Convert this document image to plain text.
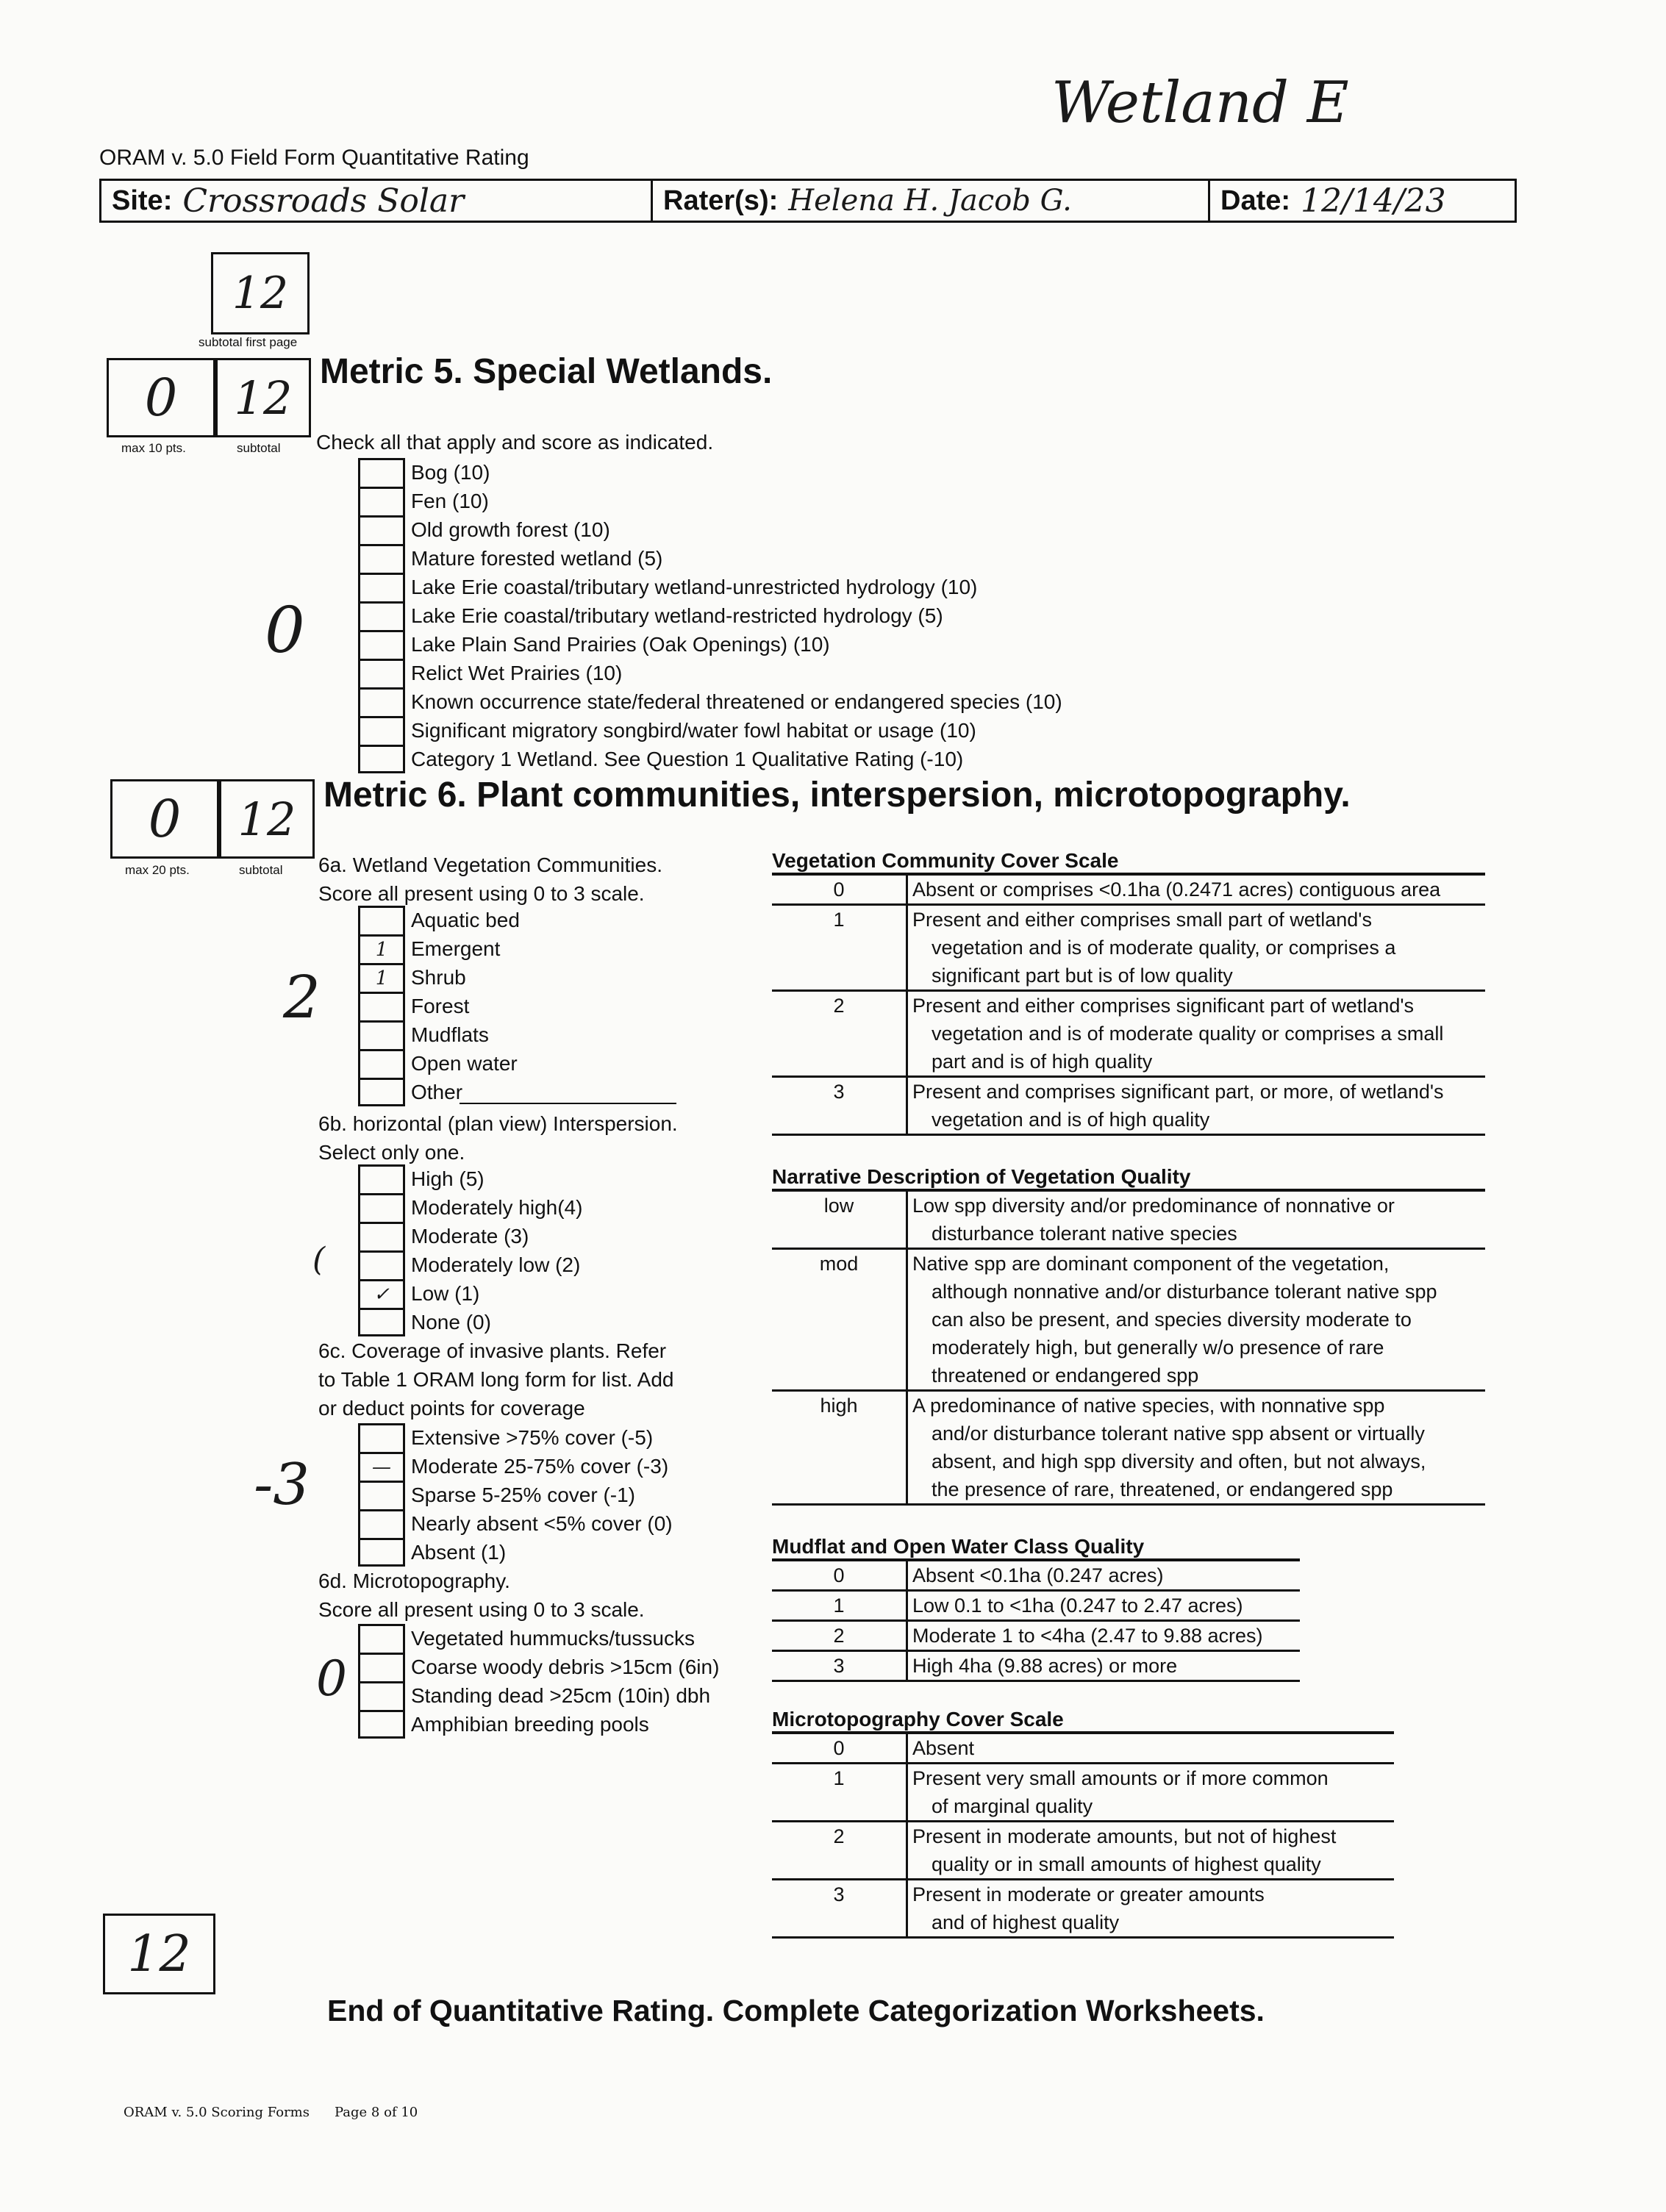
Wetland E
ORAM v. 5.0 Field Form Quantitative Rating
Site: Crossroads Solar	Rater(s): Helena H. Jacob G.	Date: 12/14/23
12
subtotal first page
0	12
max 10 pts.	subtotal
Metric 5. Special Wetlands.
Check all that apply and score as indicated.
0
Bog (10)
Fen (10)
Old growth forest (10)
Mature forested wetland (5)
Lake Erie coastal/tributary wetland-unrestricted hydrology (10)
Lake Erie coastal/tributary wetland-restricted hydrology (5)
Lake Plain Sand Prairies (Oak Openings) (10)
Relict Wet Prairies (10)
Known occurrence state/federal threatened or endangered species (10)
Significant migratory songbird/water fowl habitat or usage (10)
Category 1 Wetland. See Question 1 Qualitative Rating (-10)
0	12
max 20 pts.	subtotal
Metric 6. Plant communities, interspersion, microtopography.
6a. Wetland Vegetation Communities.
Score all present using 0 to 3 scale.
2
Aquatic bed
1	Emergent
1	Shrub
Forest
Mudflats
Open water
Other
6b. horizontal (plan view) Interspersion.
Select only one.
(
High (5)
Moderately high(4)
Moderate (3)
Moderately low (2)
✓	Low (1)
None (0)
6c. Coverage of invasive plants. Refer
to Table 1 ORAM long form for list. Add
or deduct points for coverage
-3
Extensive >75% cover (-5)
— Moderate 25-75% cover (-3)
Sparse 5-25% cover (-1)
Nearly absent <5% cover (0)
Absent (1)
6d. Microtopography.
Score all present using 0 to 3 scale.
0
Vegetated hummucks/tussucks
Coarse woody debris >15cm (6in)
Standing dead >25cm (10in) dbh
Amphibian breeding pools
Vegetation Community Cover Scale
0	Absent or comprises <0.1ha (0.2471 acres) contiguous area

1	Present and either comprises small part of wetland's
vegetation and is of moderate quality, or comprises a
significant part but is of low quality

2	Present and either comprises significant part of wetland's
vegetation and is of moderate quality or comprises a small
part and is of high quality

3	Present and comprises significant part, or more, of wetland's
vegetation and is of high quality
Narrative Description of Vegetation Quality
low	Low spp diversity and/or predominance of nonnative or
disturbance tolerant native species

mod	Native spp are dominant component of the vegetation,
although nonnative and/or disturbance tolerant native spp
can also be present, and species diversity moderate to
moderately high, but generally w/o presence of rare
threatened or endangered spp

high	A predominance of native species, with nonnative spp
and/or disturbance tolerant native spp absent or virtually
absent, and high spp diversity and often, but not always,
the presence of rare, threatened, or endangered spp
Mudflat and Open Water Class Quality
0	Absent <0.1ha (0.247 acres)

1	Low 0.1 to <1ha (0.247 to 2.47 acres)

2	Moderate 1 to <4ha (2.47 to 9.88 acres)

3	High 4ha (9.88 acres) or more
Microtopography Cover Scale
0	Absent

1	Present very small amounts or if more common
of marginal quality

2	Present in moderate amounts, but not of highest
quality or in small amounts of highest quality

3	Present in moderate or greater amounts
and of highest quality
12
End of Quantitative Rating. Complete Categorization Worksheets.
ORAM v. 5.0 Scoring Forms Page 8 of 10
